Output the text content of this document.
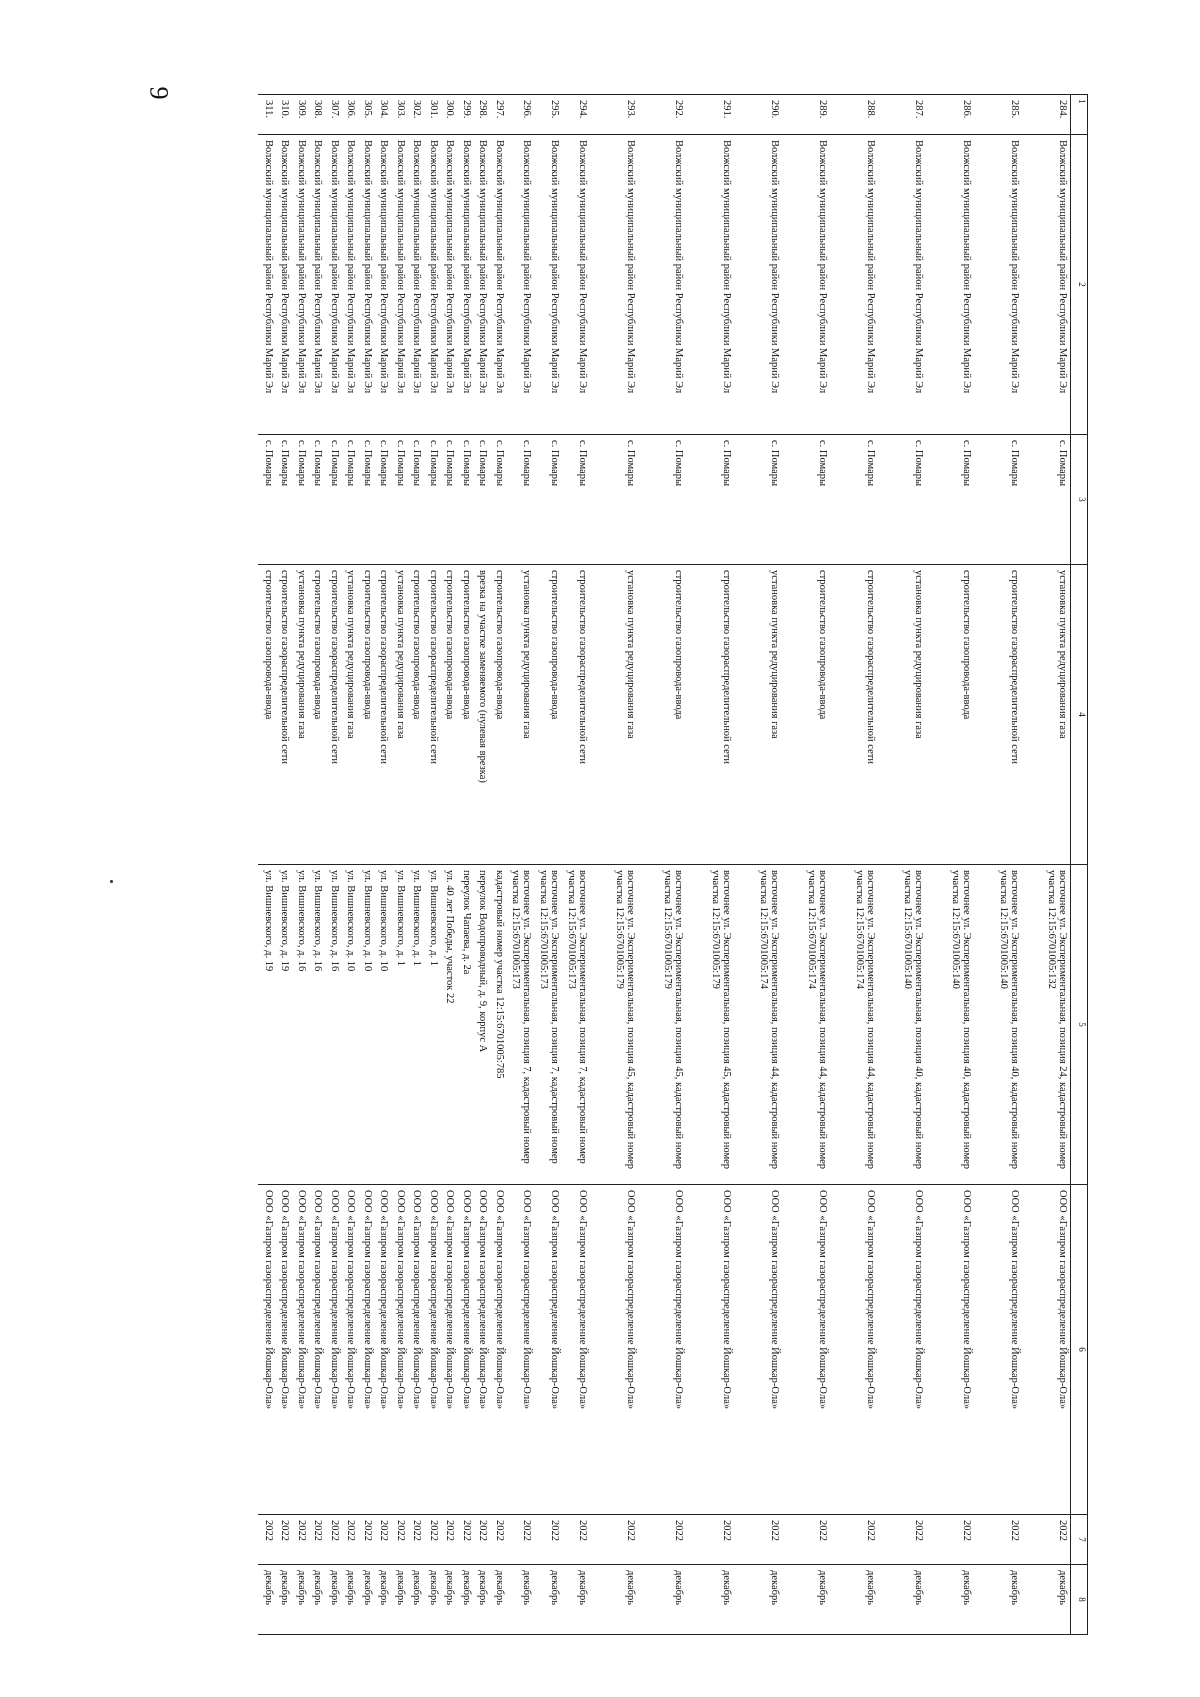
9
1	2	3	4	5	6	7	8
284.	Волжский муниципальный район Республики Марий Эл	с. Помары	установка пункта редуцирования газа	восточнее ул. Экспериментальная, позиция 24, кадастровый номер участка 12:15:6701005:132	ООО «Газпром газораспределение Йошкар-Ола»	2022	декабрь
285.	Волжский муниципальный район Республики Марий Эл	с. Помары	строительство газораспределительной сети	восточнее ул. Экспериментальная, позиция 40, кадастровый номер участка 12:15:6701005:140	ООО «Газпром газораспределение Йошкар-Ола»	2022	декабрь
286.	Волжский муниципальный район Республики Марий Эл	с. Помары	строительство газопровода-ввода	восточнее ул. Экспериментальная, позиция 40, кадастровый номер участка 12:15:6701005:140	ООО «Газпром газораспределение Йошкар-Ола»	2022	декабрь
287.	Волжский муниципальный район Республики Марий Эл	с. Помары	установка пункта редуцирования газа	восточнее ул. Экспериментальная, позиция 40, кадастровый номер участка 12:15:6701005:140	ООО «Газпром газораспределение Йошкар-Ола»	2022	декабрь
288.	Волжский муниципальный район Республики Марий Эл	с. Помары	строительство газораспределительной сети	восточнее ул. Экспериментальная, позиция 44, кадастровый номер участка 12:15:6701005:174	ООО «Газпром газораспределение Йошкар-Ола»	2022	декабрь
289.	Волжский муниципальный район Республики Марий Эл	с. Помары	строительство газопровода-ввода	восточнее ул. Экспериментальная, позиция 44, кадастровый номер участка 12:15:6701005:174	ООО «Газпром газораспределение Йошкар-Ола»	2022	декабрь
290.	Волжский муниципальный район Республики Марий Эл	с. Помары	установка пункта редуцирования газа	восточнее ул. Экспериментальная, позиция 44, кадастровый номер участка 12:15:6701005:174	ООО «Газпром газораспределение Йошкар-Ола»	2022	декабрь
291.	Волжский муниципальный район Республики Марий Эл	с. Помары	строительство газораспределительной сети	восточнее ул. Экспериментальная, позиция 45, кадастровый номер участка 12:15:6701005:179	ООО «Газпром газораспределение Йошкар-Ола»	2022	декабрь
292.	Волжский муниципальный район Республики Марий Эл	с. Помары	строительство газопровода-ввода	восточнее ул. Экспериментальная, позиция 45, кадастровый номер участка 12:15:6701005:179	ООО «Газпром газораспределение Йошкар-Ола»	2022	декабрь
293.	Волжский муниципальный район Республики Марий Эл	с. Помары	установка пункта редуцирования газа	восточнее ул. Экспериментальная, позиция 45, кадастровый номер участка 12:15:6701005:179	ООО «Газпром газораспределение Йошкар-Ола»	2022	декабрь
294.	Волжский муниципальный район Республики Марий Эл	с. Помары	строительство газораспределительной сети	восточнее ул. Экспериментальная, позиция 7, кадастровый номер участка 12:15:6701005:173	ООО «Газпром газораспределение Йошкар-Ола»	2022	декабрь
295.	Волжский муниципальный район Республики Марий Эл	с. Помары	строительство газопровода-ввода	восточнее ул. Экспериментальная, позиция 7, кадастровый номер участка 12:15:6701005:173	ООО «Газпром газораспределение Йошкар-Ола»	2022	декабрь
296.	Волжский муниципальный район Республики Марий Эл	с. Помары	установка пункта редуцирования газа	восточнее ул. Экспериментальная, позиция 7, кадастровый номер участка 12:15:6701005:173	ООО «Газпром газораспределение Йошкар-Ола»	2022	декабрь
297.	Волжский муниципальный район Республики Марий Эл	с. Помары	строительство газопровода-ввода	кадастровый номер участка 12:15:6701005:785	ООО «Газпром газораспределение Йошкар-Ола»	2022	декабрь
298.	Волжский муниципальный район Республики Марий Эл	с. Помары	врезка на участке заменяемого (нулевая врезка)	переулок Водопроводный, д. 9, корпус А	ООО «Газпром газораспределение Йошкар-Ола»	2022	декабрь
299.	Волжский муниципальный район Республики Марий Эл	с. Помары	строительство газопровода-ввода	переулок Чапаева, д. 2а	ООО «Газпром газораспределение Йошкар-Ола»	2022	декабрь
300.	Волжский муниципальный район Республики Марий Эл	с. Помары	строительство газопровода-ввода	ул. 40 лет Победы, участок 22	ООО «Газпром газораспределение Йошкар-Ола»	2022	декабрь
301.	Волжский муниципальный район Республики Марий Эл	с. Помары	строительство газораспределительной сети	ул. Вишневского, д. 1	ООО «Газпром газораспределение Йошкар-Ола»	2022	декабрь
302.	Волжский муниципальный район Республики Марий Эл	с. Помары	строительство газопровода-ввода	ул. Вишневского, д. 1	ООО «Газпром газораспределение Йошкар-Ола»	2022	декабрь
303.	Волжский муниципальный район Республики Марий Эл	с. Помары	установка пункта редуцирования газа	ул. Вишневского, д. 1	ООО «Газпром газораспределение Йошкар-Ола»	2022	декабрь
304.	Волжский муниципальный район Республики Марий Эл	с. Помары	строительство газораспределительной сети	ул. Вишневского, д. 10	ООО «Газпром газораспределение Йошкар-Ола»	2022	декабрь
305.	Волжский муниципальный район Республики Марий Эл	с. Помары	строительство газопровода-ввода	ул. Вишневского, д. 10	ООО «Газпром газораспределение Йошкар-Ола»	2022	декабрь
306.	Волжский муниципальный район Республики Марий Эл	с. Помары	установка пункта редуцирования газа	ул. Вишневского, д. 10	ООО «Газпром газораспределение Йошкар-Ола»	2022	декабрь
307.	Волжский муниципальный район Республики Марий Эл	с. Помары	строительство газораспределительной сети	ул. Вишневского, д. 16	ООО «Газпром газораспределение Йошкар-Ола»	2022	декабрь
308.	Волжский муниципальный район Республики Марий Эл	с. Помары	строительство газопровода-ввода	ул. Вишневского, д. 16	ООО «Газпром газораспределение Йошкар-Ола»	2022	декабрь
309.	Волжский муниципальный район Республики Марий Эл	с. Помары	установка пункта редуцирования газа	ул. Вишневского, д. 16	ООО «Газпром газораспределение Йошкар-Ола»	2022	декабрь
310.	Волжский муниципальный район Республики Марий Эл	с. Помары	строительство газораспределительной сети	ул. Вишневского, д. 19	ООО «Газпром газораспределение Йошкар-Ола»	2022	декабрь
311.	Волжский муниципальный район Республики Марий Эл	с. Помары	строительство газопровода-ввода	ул. Вишневского, д. 19	ООО «Газпром газораспределение Йошкар-Ола»	2022	декабрь
